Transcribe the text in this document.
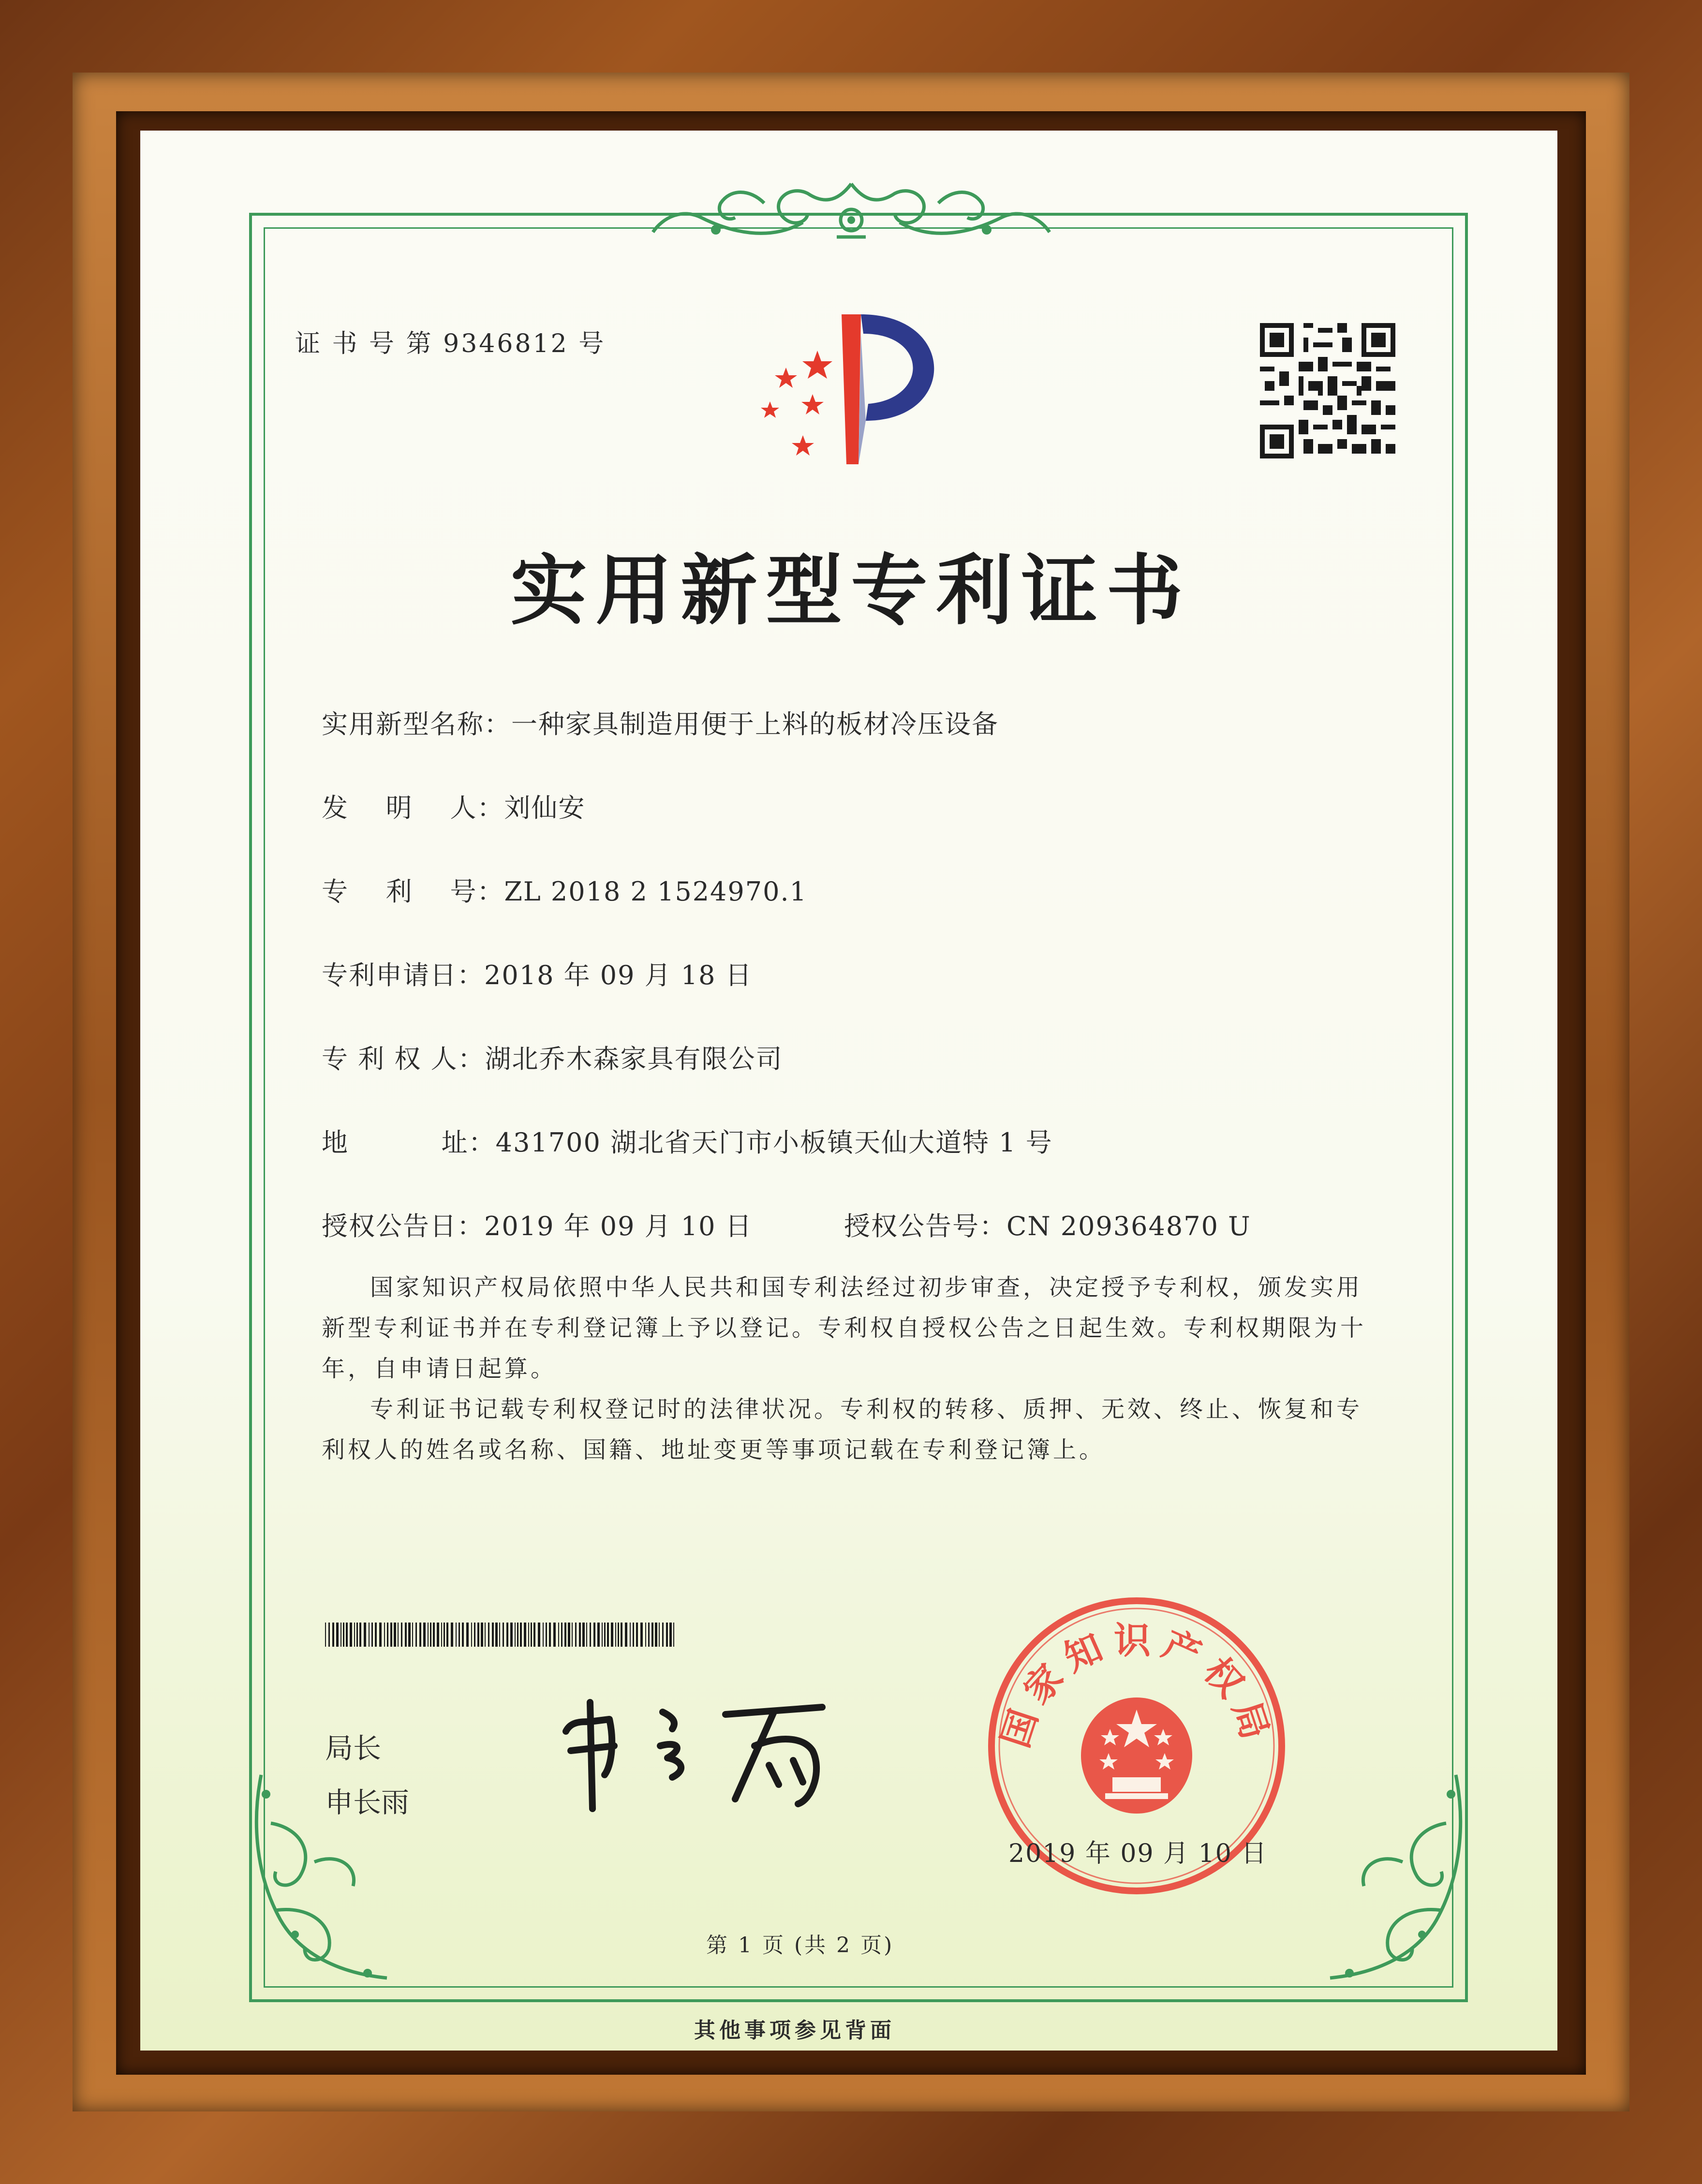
证 书 号 第 9346812 号
实用新型专利证书
实用新型名称：一种家具制造用便于上料的板材冷压设备
发    明    人：刘仙安
专    利    号：ZL 2018 2 1524970.1
专利申请日：2018 年 09 月 18 日
专 利 权 人：湖北乔木森家具有限公司
地          址：431700 湖北省天门市小板镇天仙大道特 1 号
授权公告日：2019 年 09 月 10 日	授权公告号：CN 209364870 U
国家知识产权局依照中华人民共和国专利法经过初步审查，决定授予专利权，颁发实用新型专利证书并在专利登记簿上予以登记。专利权自授权公告之日起生效。专利权期限为十年，自申请日起算。
专利证书记载专利权登记时的法律状况。专利权的转移、质押、无效、终止、恢复和专利权人的姓名或名称、国籍、地址变更等事项记载在专利登记簿上。
局长
申长雨
国家知识产权局
2019 年 09 月 10 日
第 1 页 (共 2 页)
其他事项参见背面
